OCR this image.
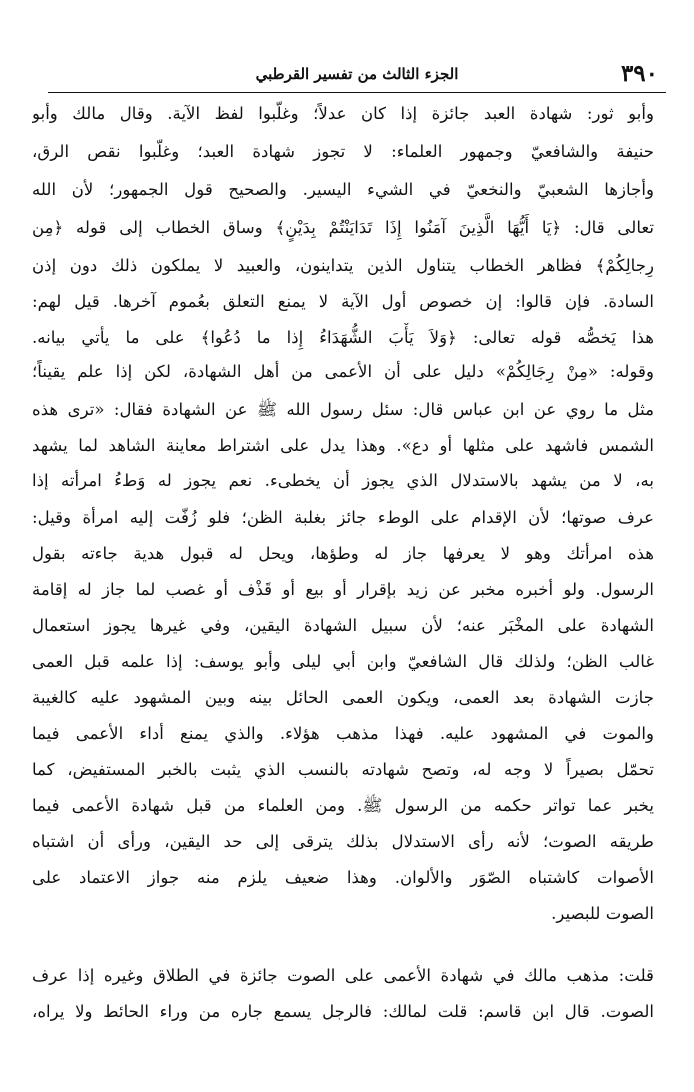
٣٩٠
الجزء الثالث من تفسير القرطبي
وأبو ثور: شهادة العبد جائزة إذا كان عدلاً؛ وغلّبوا لفظ الآية. وقال مالك وأبو
حنيفة والشافعيّ وجمهور العلماء: لا تجوز شهادة العبد؛ وغلّبوا نقص الرق،
وأجازها الشعبيّ والنخعيّ في الشيء اليسير. والصحيح قول الجمهور؛ لأن الله
تعالى قال: ﴿يَا أَيُّهَا الَّذِينَ آمَنُوا إِذَا تَدَايَنْتُمْ بِدَيْنٍ﴾ وساق الخطاب إلى قوله ﴿مِن
رِجالِكُمْ﴾ فظاهر الخطاب يتناول الذين يتداينون، والعبيد لا يملكون ذلك دون إذن
السادة. فإن قالوا: إن خصوص أول الآية لا يمنع التعلق بعُموم آخرها. قيل لهم:
هذا يَخصُّه قوله تعالى: ﴿وَلاَ يَأْبَ الشُّهَدَاءُ إِذا ما دُعُوا﴾ على ما يأتي بيانه.
وقوله: «مِنْ رِجَالِكُمْ» دليل على أن الأعمى من أهل الشهادة، لكن إذا علم يقيناً؛
مثل ما روي عن ابن عباس قال: سئل رسول الله ﷺ عن الشهادة فقال: «ترى هذه
الشمس فاشهد على مثلها أو دع». وهذا يدل على اشتراط معاينة الشاهد لما يشهد
به، لا من يشهد بالاستدلال الذي يجوز أن يخطىء. نعم يجوز له وَطءُ امرأته إذا
عرف صوتها؛ لأن الإقدام على الوطء جائز بغلبة الظن؛ فلو زُفّت إليه امرأة وقيل:
هذه امرأتك وهو لا يعرفها جاز له وطؤها، ويحل له قبول هدية جاءته بقول
الرسول. ولو أخبره مخبر عن زيد بإقرار أو بيع أو قَذْف أو غصب لما جاز له إقامة
الشهادة على المخْبَر عنه؛ لأن سبيل الشهادة اليقين، وفي غيرها يجوز استعمال
غالب الظن؛ ولذلك قال الشافعيّ وابن أبي ليلى وأبو يوسف: إذا علمه قبل العمى
جازت الشهادة بعد العمى، ويكون العمى الحائل بينه وبين المشهود عليه كالغيبة
والموت في المشهود عليه. فهذا مذهب هؤلاء. والذي يمنع أداء الأعمى فيما
تحمّل بصيراً لا وجه له، وتصح شهادته بالنسب الذي يثبت بالخبر المستفيض، كما
يخبر عما تواتر حكمه من الرسول ﷺ. ومن العلماء من قبل شهادة الأعمى فيما
طريقه الصوت؛ لأنه رأى الاستدلال بذلك يترقى إلى حد اليقين، ورأى أن اشتباه
الأصوات كاشتباه الصّوَر والألوان. وهذا ضعيف يلزم منه جواز الاعتماد على
الصوت للبصير.
قلت: مذهب مالك في شهادة الأعمى على الصوت جائزة في الطلاق وغيره إذا عرف
الصوت. قال ابن قاسم: قلت لمالك: فالرجل يسمع جاره من وراء الحائط ولا يراه،
